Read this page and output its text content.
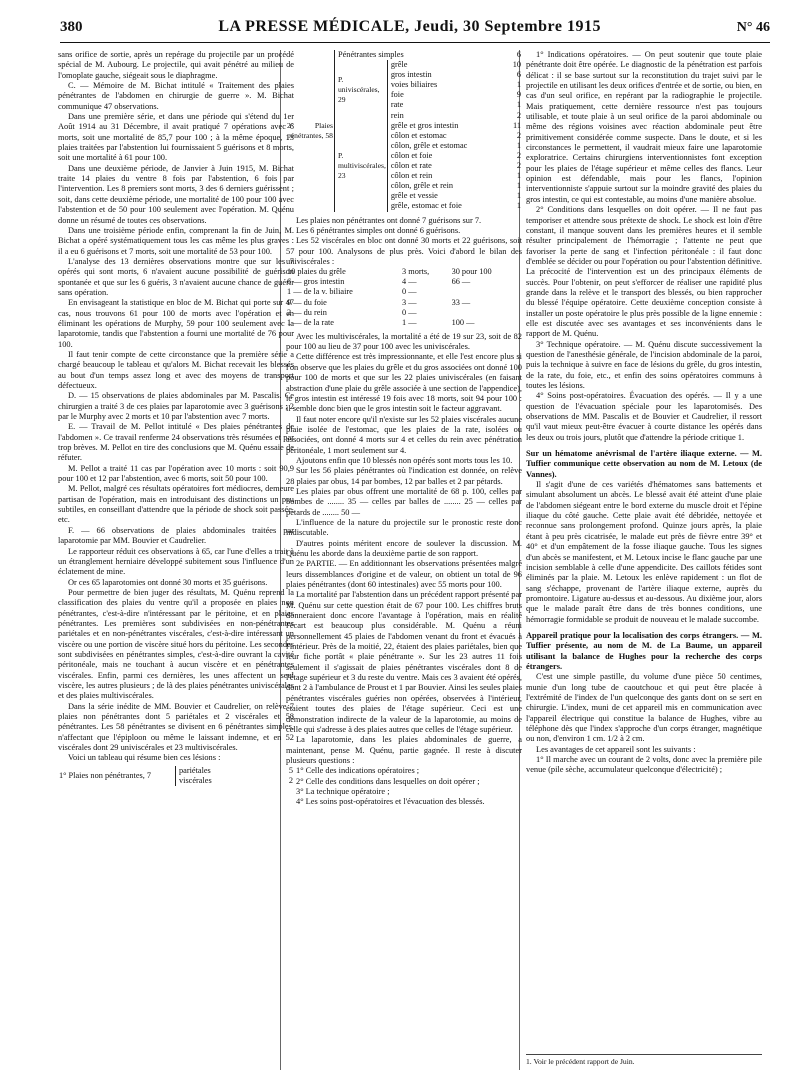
380	LA PRESSE MÉDICALE, Jeudi, 30 Septembre 1915	N° 46

sans orifice de sortie, après un repérage du projectile par un procédé spécial de M. Aubourg. Le projectile, qui avait pénétré au milieu de l'omoplate gauche, siégeait sous le diaphragme.

C. — Mémoire de M. Bichat intitulé « Traitement des plaies pénétrantes de l'abdomen en chirurgie de guerre ». M. Bichat communique 47 observations.

Dans une première série, et dans une période qui s'étend du 1er Août 1914 au 31 Décembre, il avait pratiqué 7 opérations avec 6 morts, soit une mortalité de 85,7 pour 100 ; à la même époque, 13 plaies traitées par l'abstention lui fournissaient 5 guérisons et 8 morts, soit une mortalité à 61 pour 100.

Dans une deuxième période, de Janvier à Juin 1915, M. Bichat traite 14 plaies du ventre 8 fois par l'abstention, 6 fois par l'intervention. Les 8 premiers sont morts, 3 des 6 derniers guérissent ; soit, dans cette deuxième période, une mortalité de 100 pour 100 avec l'abstention et de 50 pour 100 seulement avec l'opération. M. Quénu donne un résumé de toutes ces observations.

Dans une troisième période enfin, comprenant la fin de Juin, M. Bichat a opéré systématiquement tous les cas même les plus graves : il a eu 6 guérisons et 7 morts, soit une mortalité de 53 pour 100.

L'analyse des 13 dernières observations montre que sur les 7 opérés qui sont morts, 6 n'avaient aucune possibilité de guérison spontanée et que sur les 6 guéris, 3 n'avaient aucune chance de guérir sans opération.

En envisageant la statistique en bloc de M. Bichat qui porte sur 47 cas, nous trouvons 61 pour 100 de morts avec l'opération et en éliminant les opérations de Murphy, 59 pour 100 seulement avec la laparotomie, tandis que l'abstention a fourni une mortalité de 76 pour 100.

Il faut tenir compte de cette circonstance que la première série a chargé beaucoup le tableau et qu'alors M. Bichat recevait les blessés au bout d'un temps assez long et avec des moyens de transport défectueux.

D. — 15 observations de plaies abdominales par M. Pascalis. Ce chirurgien a traité 3 de ces plaies par laparotomie avec 3 guérisons ; 2 par le Murphy avec 2 morts et 10 par l'abstention avec 7 morts.

E. — Travail de M. Pellot intitulé « Des plaies pénétrantes de l'abdomen ». Ce travail renferme 24 observations très résumées et par trop brèves. M. Pellot en tire des conclusions que M. Quénu essaie de réfuter.

M. Pellot a traité 11 cas par l'opération avec 10 morts : soit 90,9 pour 100 et 12 par l'abstention, avec 6 morts, soit 50 pour 100.

M. Pellot, malgré ces résultats opératoires fort médiocres, demeure partisan de l'opération, mais en introduisant des distinctions un peu subtiles, en conseillant d'attendre que la période de shock soit passée, etc.

F. — 66 observations de plaies abdominales traitées par laparotomie par MM. Bouvier et Caudrelier.

Le rapporteur réduit ces observations à 65, car l'une d'elles a trait à un étranglement herniaire développé subitement sous l'influence d'un éclatement de mine.

Or ces 65 laparotomies ont donné 30 morts et 35 guérisons.

Pour permettre de bien juger des résultats, M. Quénu reprend la classification des plaies du ventre qu'il a proposée en plaies non pénétrantes, c'est-à-dire n'intéressant par le péritoine, et en plaies pénétrantes. Les premières sont subdivisées en non-pénétrantes pariétales et en non-pénétrantes viscérales, c'est-à-dire intéressant un viscère ou une portion de viscère situé hors du péritoine. Les secondes sont subdivisées en pénétrantes simples, c'est-à-dire ouvrant la cavité péritonéale, mais ne touchant à aucun viscère et en pénétrantes viscérales. Enfin, parmi ces dernières, les unes affectent un seul viscère, les autres plusieurs ; de là des plaies pénétrantes univiscérales et des plaies multiviscérales.

Dans la série inédite de MM. Bouvier et Caudrelier, on relève 7 plaies non pénétrantes dont 5 pariétales et 2 viscérales et 58 pénétrantes. Les 58 pénétrantes se divisent en 6 pénétrantes simples, n'affectant que l'épiploon ou même le laissant indemne, et en 52 viscérales dont 29 univiscérales et 23 multiviscérales.

Voici un tableau qui résume bien ces lésions :

1° Plaies non pénétrantes, 7	pariétales	5
	viscérales	2
2° Plaies pénétrantes, 58	Pénétrantes simples		6
	P. univiscérales, 29	grêle	10
		gros intestin	6
		voies biliaires	1
		foie	9
		rate	1
		rein	2
	P. multiviscérales, 23	grêle et gros intestin	11
		côlon et estomac	2
		côlon, grêle et estomac	1
		côlon et foie	2
		côlon et rate	2
		côlon et rein	1
		côlon, grêle et rein	1
		grêle et vessie	1
		grêle, estomac et foie	1

Les plaies non pénétrantes ont donné 7 guérisons sur 7.

Les 6 pénétrantes simples ont donné 6 guérisons.

Les 52 viscérales en bloc ont donné 30 morts et 22 guérisons, soit 57 pour 100. Analysons de plus près. Voici d'abord le bilan des univiscérales :

10 plaies du grêle	3 morts,	30 pour 100
6 — gros intestin	4 —	66 —
1 — de la v. biliaire	0 —	
9 — du foie	3 —	33 —
2 — du rein	0 —	
1 — de la rate	1 —	100 —

Avec les multiviscérales, la mortalité a été de 19 sur 23, soit de 82 pour 100 au lieu de 37 pour 100 avec les univiscérales.

Cette différence est très impressionnante, et elle l'est encore plus si l'on observe que les plaies du grêle et du gros associées ont donné 100 pour 100 de morts et que sur les 22 plaies univiscérales (en faisant abstraction d'une plaie du grêle associée à une section de l'appendice), le gros intestin est intéressé 19 fois avec 18 morts, soit 94 pour 100 : il semble donc bien que le gros intestin soit le facteur aggravant.

Il faut noter encore qu'il n'existe sur les 52 plaies viscérales aucune plaie isolée de l'estomac, que les plaies de la rate, isolées ou associées, ont donné 4 morts sur 4 et celles du rein avec pénétration péritonéale, 1 mort seulement sur 4.

Ajoutons enfin que 10 blessés non opérés sont morts tous les 10.

Sur les 56 plaies pénétrantes où l'indication est donnée, on relève 28 plaies par obus, 14 par bombes, 12 par balles et 2 par pétards.

Les plaies par obus offrent une mortalité de 68 p. 100, celles par bombes de ........ 35 — celles par balles de ........ 25 — celles par pétards de ........ 50 —

L'influence de la nature du projectile sur le pronostic reste donc indiscutable.

D'autres points méritent encore de soulever la discussion. M. Quénu les aborde dans la deuxième partie de son rapport.

2e PARTIE. — En additionnant les observations présentées malgré leurs dissemblances d'origine et de valeur, on obtient un total de 96 plaies pénétrantes (dont 60 intestinales) avec 55 morts pour 100.

La mortalité par l'abstention dans un précédent rapport présenté par M. Quénu sur cette question était de 67 pour 100. Les chiffres bruts donneraient donc encore l'avantage à l'opération, mais en réalité l'écart est beaucoup plus considérable. M. Quénu a réuni personnellement 45 plaies de l'abdomen venant du front et évacués à l'intérieur. Près de la moitié, 22, étaient des plaies pariétales, bien que leur fiche portât « plaie pénétrante ». Sur les 23 autres 11 fois seulement il s'agissait de plaies pénétrantes viscérales dont 8 de l'étage supérieur et 3 du reste du ventre. Mais ces 3 avaient été opérés, dont 2 à l'ambulance de Proust et 1 par Bouvier. Ainsi les seules plaies pénétrantes viscérales guéries non opérées, observées à l'intérieur, étaient toutes des plaies de l'étage supérieur. Ceci est une démonstration indirecte de la valeur de la laparotomie, au moins de celle qui s'adresse à des plaies autres que celles de l'étage supérieur.

La laparotomie, dans les plaies abdominales de guerre, a maintenant, pense M. Quénu, partie gagnée. Il reste à discuter plusieurs questions :

1° Celle des indications opératoires ;

2° Celle des conditions dans lesquelles on doit opérer ;

3° La technique opératoire ;

4° Les soins post-opératoires et l'évacuation des blessés.

1° Indications opératoires. — On peut soutenir que toute plaie pénétrante doit être opérée. Le diagnostic de la pénétration est parfois délicat : il se base surtout sur la reconstitution du trajet suivi par le projectile en utilisant les deux orifices d'entrée et de sortie, ou bien, en cas d'un seul orifice, en repérant par la radiographie le projectile. Mais pratiquement, cette dernière ressource n'est pas toujours utilisable, et toute plaie à un seul orifice de la paroi abdominale ou même des régions voisines avec réaction abdominale peut être primitivement considérée comme suspecte. Dans le doute, et si les circonstances le permettent, il vaudrait mieux faire une laparotomie exploratrice. Certains chirurgiens interventionnistes font exception pour les plaies de l'étage supérieur et même celles des flancs. Leur opinion est défendable, mais pour les flancs, l'opinion interventionniste s'appuie surtout sur la moindre gravité des plaies du gros intestin, ce qui est contestable, au moins d'une manière absolue.

2° Conditions dans lesquelles on doit opérer. — Il ne faut pas temporiser et attendre sous prétexte de shock. Le shock est loin d'être constant, il manque souvent dans les premières heures et il semble résulter principalement de l'hémorragie ; l'attente ne peut que favoriser la perte de sang et l'infection péritonéale : il faut donc d'emblée se décider ou pour l'opération ou pour l'abstention définitive. La précocité de l'intervention est un des principaux éléments de succès. Pour l'obtenir, on peut s'efforcer de réaliser une rapidité plus grande dans la relève et le transport des blessés, ou bien rapprocher du blessé l'équipe opératoire. Cette deuxième conception consiste à installer un poste opératoire le plus près possible de la ligne ennemie : elle est discutée avec ses avantages et ses inconvénients dans le rapport de M. Quénu.

3° Technique opératoire. — M. Quénu discute successivement la question de l'anesthésie générale, de l'incision abdominale de la paroi, puis la technique à suivre en face de lésions du grêle, du gros intestin, de la rate, du foie, etc., et enfin des soins opératoires communs à toutes les lésions.

4° Soins post-opératoires. Évacuation des opérés. — Il y a une question de l'évacuation spéciale pour les laparotomisés. Des observations de MM. Pascalis et de Bouvier et Caudrelier, il ressort qu'il vaut mieux peut-être évacuer à courte distance les opérés dans les deux ou trois jours, plutôt que d'attendre la période critique 1.

Sur un hématome anévrismal de l'artère iliaque externe. — M. Tuffier communique cette observation au nom de M. Letoux (de Vannes).

Il s'agit d'une de ces variétés d'hématomes sans battements et simulant absolument un abcès. Le blessé avait été atteint d'une plaie de l'abdomen siégeant entre le bord externe du muscle droit et l'épine iliaque du côté gauche. Cette plaie avait été débridée, nettoyée et reconnue sans prolongement profond. Quinze jours après, la plaie étant à peu près cicatrisée, le malade eut près de fièvre entre 39° et 40° et d'un empâtement de la fosse iliaque gauche. Tous les signes d'un abcès se manifestent, et M. Letoux incise le flanc gauche par une incision semblable à celle d'une appendicite. Des caillots fétides sont éliminés par la plaie. M. Letoux les enlève rapidement : un flot de sang s'échappe, provenant de l'artère iliaque externe, auprès du promontoire. Ligature au-dessus et au-dessous. Au dixième jour, alors que le malade paraît être dans de très bonnes conditions, une hémorragie formidable se produit de nouveau et le malade succombe.

Appareil pratique pour la localisation des corps étrangers. — M. Tuffier présente, au nom de M. de La Baume, un appareil utilisant la balance de Hughes pour la recherche des corps étrangers.

C'est une simple pastille, du volume d'une pièce 50 centimes, munie d'un long tube de caoutchouc et qui peut être placée à l'extrémité de l'index de l'un quelconque des gants dont on se sert en chirurgie. L'index, muni de cet appareil mis en communication avec l'appareil électrique qui constitue la balance de Hughes, vibre au téléphone dès que l'index s'approche d'un corps étranger, magnétique ou non, d'environ 1 cm. 1/2 à 2 cm.

Les avantages de cet appareil sont les suivants :

1° Il marche avec un courant de 2 volts, donc avec la première pile venue (pile sèche, accumulateur quelconque d'électricité) ;

1. Voir le précédent rapport de Juin.
